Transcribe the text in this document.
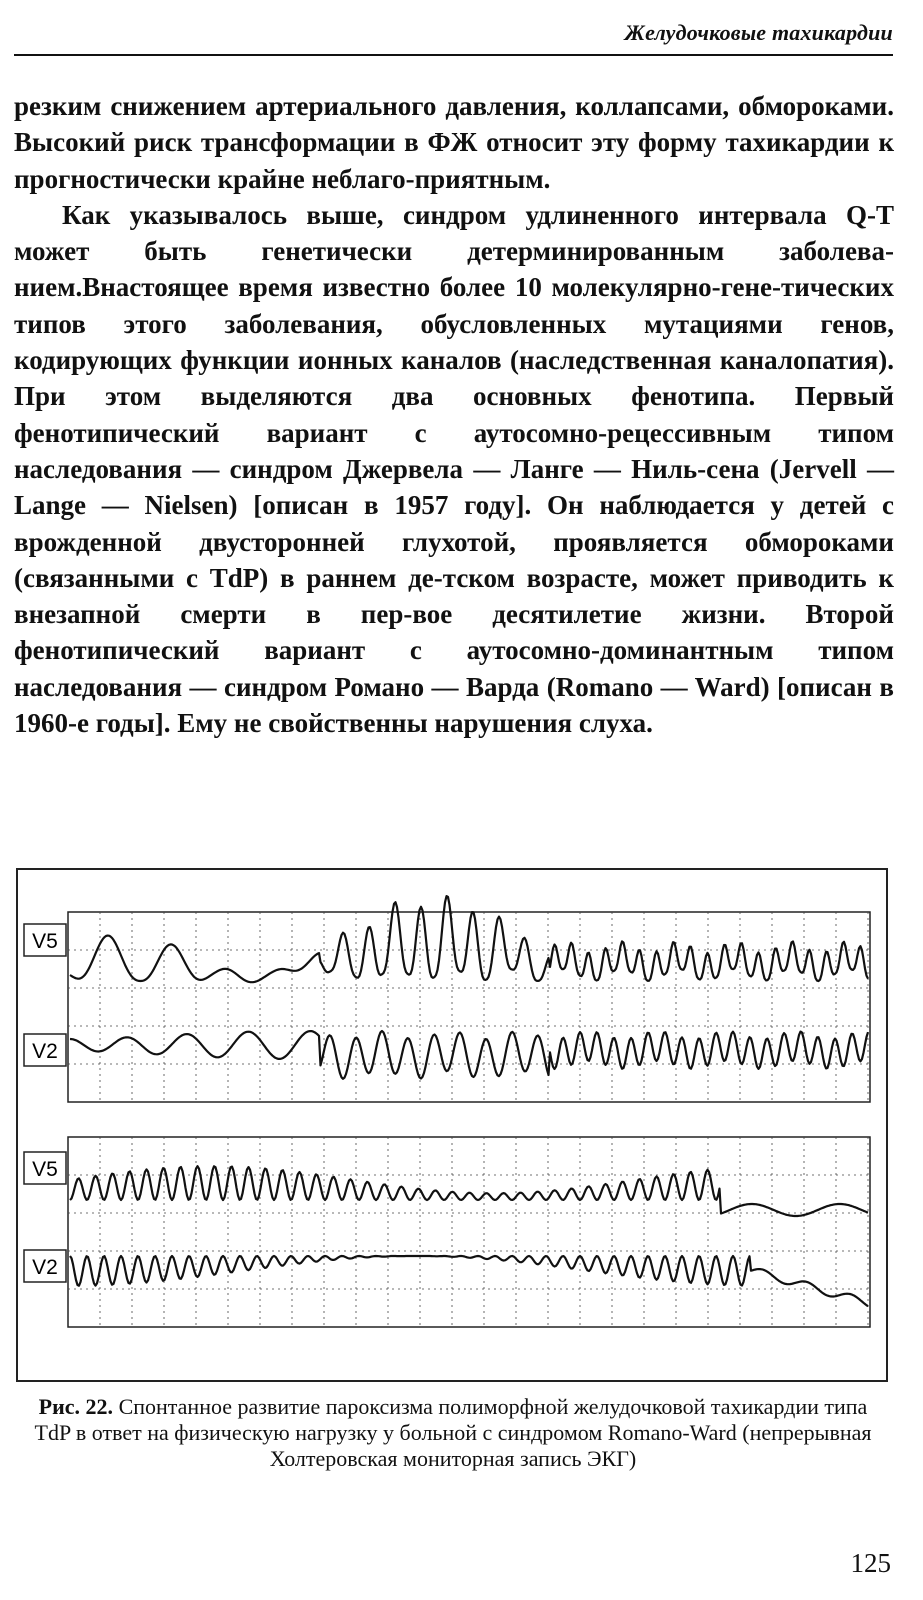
Желудочковые тахикардии

резким снижением артериального давления, коллапсами, обмороками. Высокий риск трансформации в ФЖ относит эту форму тахикардии к прогностически крайне неблаго-приятным.

Как указывалось выше, синдром удлиненного интервала Q-T может быть генетически детерминированным заболева-нием.Внастоящее время известно более 10 молекулярно-гене-тических типов этого заболевания, обусловленных мутациями генов, кодирующих функции ионных каналов (наследственная каналопатия). При этом выделяются два основных фенотипа. Первый фенотипический вариант с аутосомно-рецессивным типом наследования — синдром Джервела — Ланге — Ниль-сена (Jervell — Lange — Nielsen) [описан в 1957 году]. Он наблюдается у детей с врожденной двусторонней глухотой, проявляется обмороками (связанными с TdP) в раннем де-тском возрасте, может приводить к внезапной смерти в пер-вое десятилетие жизни. Второй фенотипический вариант с аутосомно-доминантным типом наследования — синдром Романо — Варда (Romano — Ward) [описан в 1960-е годы]. Ему не свойственны нарушения слуха.

V5
V2
V5
V2
Рис. 22. Спонтанное развитие пароксизма полиморфной желудочковой тахикардии типа TdP в ответ на физическую нагрузку у больной с синдромом Romano-Ward (непрерывная Холтеровская мониторная запись ЭКГ)
125
